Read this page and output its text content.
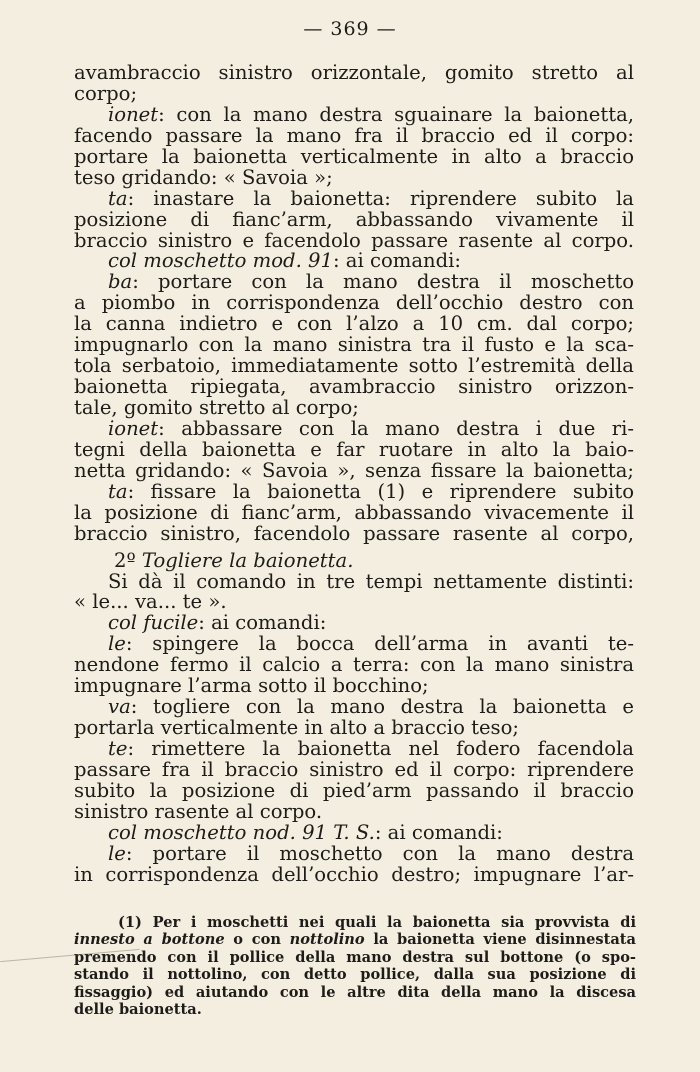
— 369 —
avambraccio sinistro orizzontale, gomito stretto al
corpo;
ionet: con la mano destra sguainare la baionetta,
facendo passare la mano fra il braccio ed il corpo:
portare la baionetta verticalmente in alto a braccio
teso gridando: « Savoia »;
ta: inastare la baionetta: riprendere subito la
posizione di fianc’arm, abbassando vivamente il
braccio sinistro e facendolo passare rasente al corpo.
col moschetto mod. 91: ai comandi:
ba: portare con la mano destra il moschetto
a piombo in corrispondenza dell’occhio destro con
la canna indietro e con l’alzo a 10 cm. dal corpo;
impugnarlo con la mano sinistra tra il fusto e la sca-
tola serbatoio, immediatamente sotto l’estremità della
baionetta ripiegata, avambraccio sinistro orizzon-
tale, gomito stretto al corpo;
ionet: abbassare con la mano destra i due ri-
tegni della baionetta e far ruotare in alto la baio-
netta gridando: « Savoia », senza fissare la baionetta;
ta: fissare la baionetta (1) e riprendere subito
la posizione di fianc’arm, abbassando vivacemente il
braccio sinistro, facendolo passare rasente al corpo,
2º Togliere la baionetta.
Si dà il comando in tre tempi nettamente distinti:
« le... va... te ».
col fucile: ai comandi:
le: spingere la bocca dell’arma in avanti te-
nendone fermo il calcio a terra: con la mano sinistra
impugnare l’arma sotto il bocchino;
va: togliere con la mano destra la baionetta e
portarla verticalmente in alto a braccio teso;
te: rimettere la baionetta nel fodero facendola
passare fra il braccio sinistro ed il corpo: riprendere
subito la posizione di pied’arm passando il braccio
sinistro rasente al corpo.
col moschetto nod. 91 T. S.: ai comandi:
le: portare il moschetto con la mano destra
in corrispondenza dell’occhio destro; impugnare l’ar-
(1) Per i moschetti nei quali la baionetta sia provvista di
innesto a bottone o con nottolino la baionetta viene disinnestata
premendo con il pollice della mano destra sul bottone (o spo-
stando il nottolino, con detto pollice, dalla sua posizione di
fissaggio) ed aiutando con le altre dita della mano la discesa
delle baionetta.
